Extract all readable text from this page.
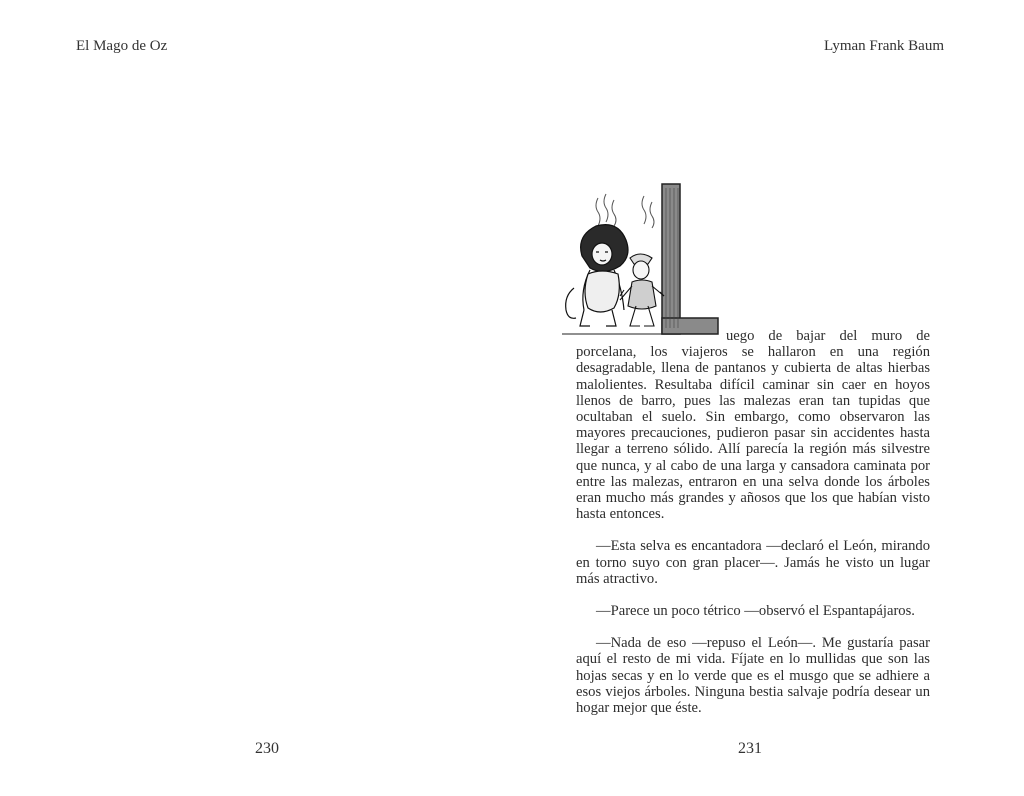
El Mago de Oz
230
Lyman Frank Baum

uego de bajar del muro de porcelana, los viajeros se hallaron en una región desagradable, llena de pantanos y cubierta de altas hierbas malolientes. Resultaba difícil caminar sin caer en hoyos llenos de barro, pues las malezas eran tan tupidas que ocultaban el suelo. Sin embargo, como observaron las mayores precauciones, pudieron pasar sin accidentes hasta llegar a terreno sólido. Allí parecía la región más silvestre que nunca, y al cabo de una larga y cansadora caminata por entre las malezas, entraron en una selva donde los árboles eran mucho más grandes y añosos que los que habían visto hasta entonces.

—Esta selva es encantadora —declaró el León, mirando en torno suyo con gran placer—. Jamás he visto un lugar más atractivo.

—Parece un poco tétrico —observó el Espantapájaros.

—Nada de eso —repuso el León—. Me gustaría pasar aquí el resto de mi vida. Fíjate en lo mullidas que son las hojas secas y en lo verde que es el musgo que se adhiere a esos viejos árboles. Ninguna bestia salvaje podría desear un hogar mejor que éste.

231
